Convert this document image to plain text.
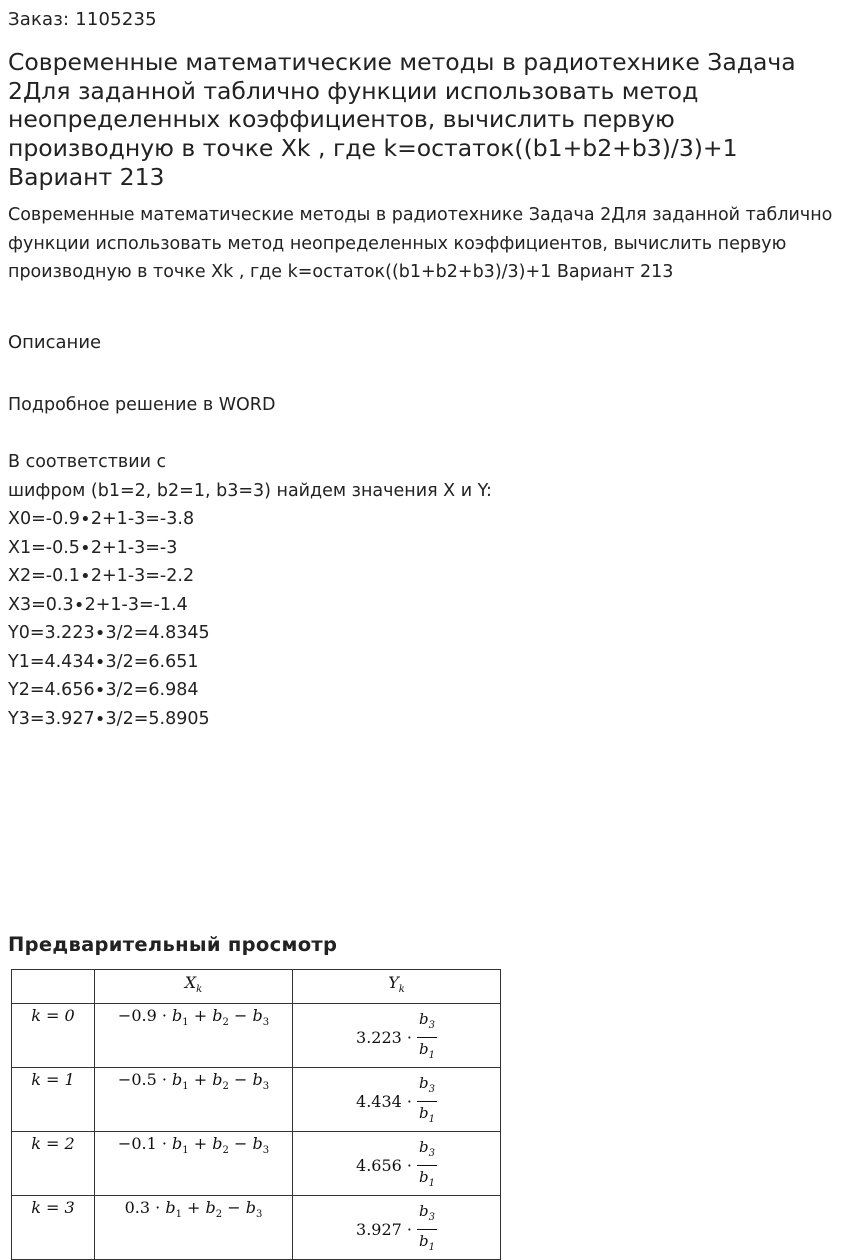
Заказ: 1105235
Современные математические методы в радиотехнике Задача 2Для заданной таблично функции использовать метод неопределенных коэффициентов, вычислить первую производную в точке Xk , где k=остаток((b1+b2+b3)/3)+1 Вариант 213

Современные математические методы в радиотехнике Задача 2Для заданной таблично функции использовать метод неопределенных коэффициентов, вычислить первую производную в точке Xk , где k=остаток((b1+b2+b3)/3)+1 Вариант 213

Описание

Подробное решение в WORD

В соответствии с

шифром (b1=2, b2=1, b3=3) найдем значения X и Y:

X0=-0.9∙2+1-3=-3.8

X1=-0.5∙2+1-3=-3

X2=-0.1∙2+1-3=-2.2

X3=0.3∙2+1-3=-1.4

Y0=3.223∙3/2=4.8345

Y1=4.434∙3/2=6.651

Y2=4.656∙3/2=6.984

Y3=3.927∙3/2=5.8905

Предварительный просмотр
	$X_k$	$Y_k$
k = 0	$-0.9 \cdot b_1 + b_2 - b_3$	$3.223 \cdot \frac{b_3}{b_1}$

k = 1	$-0.5 \cdot b_1 + b_2 - b_3$	$4.434 \cdot \frac{b_3}{b_1}$

k = 2	$-0.1 \cdot b_1 + b_2 - b_3$	$4.656 \cdot \frac{b_3}{b_1}$

k = 3	$0.3 \cdot b_1 + b_2 - b_3$	$3.927 \cdot \frac{b_3}{b_1}$
